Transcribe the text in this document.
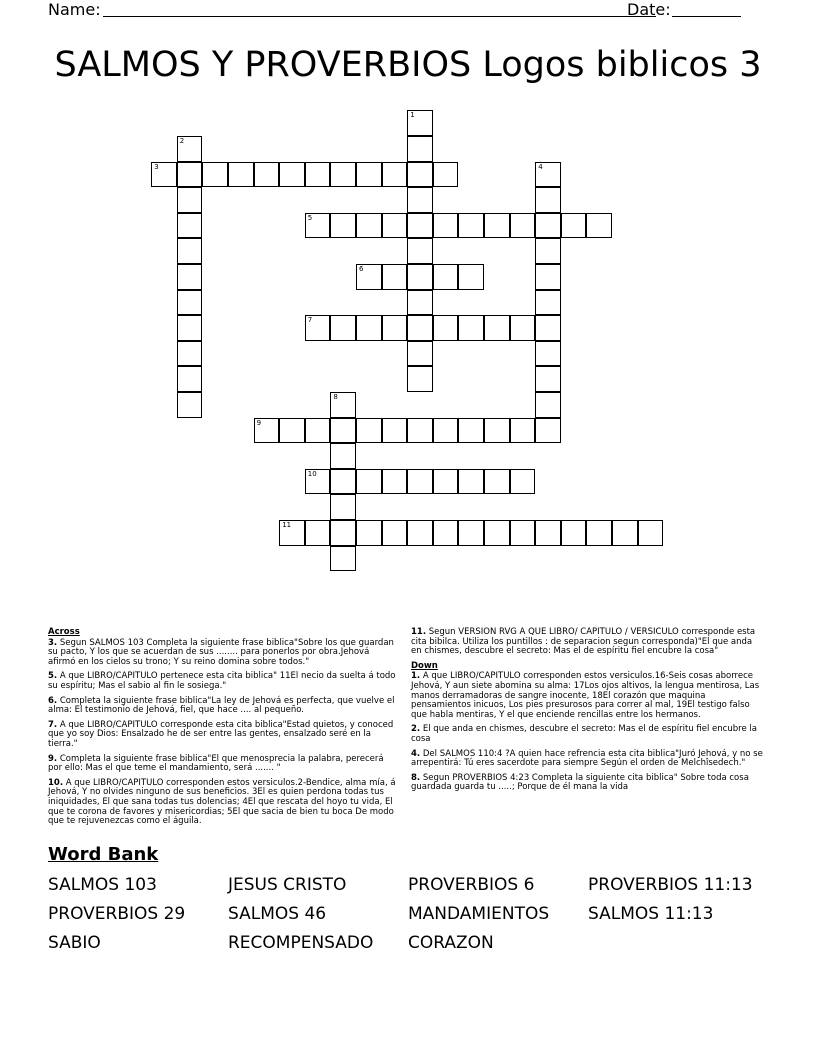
Name:	Date:
SALMOS Y PROVERBIOS Logos biblicos 3
1
2
3	4
5
6
7
8
9
10
11
Across
3. Segun SALMOS 103 Completa la siguiente frase biblica"Sobre los que guardan su pacto, Y los que se acuerdan de sus ........ para ponerlos por obra.Jehová afirmó en los cielos su trono; Y su reino domina sobre todos."
5. A que LIBRO/CAPITULO pertenece esta cita biblica" 11El necio da suelta á todo su espíritu; Mas el sabio al fin le sosiega."
6. Completa la siguiente frase biblica"La ley de Jehová es perfecta, que vuelve el alma: El testimonio de Jehová, fiel, que hace .... al pequeño.
7. A que LIBRO/CAPITULO corresponde esta cita biblica"Estad quietos, y conoced que yo soy Dios: Ensalzado he de ser entre las gentes, ensalzado seré en la tierra."
9. Completa la siguiente frase biblica"El que menosprecia la palabra, perecerá por ello: Mas el que teme el mandamiento, será ....... "
10. A que LIBRO/CAPITULO corresponden estos versiculos.2-Bendice, alma mía, á Jehová, Y no olvides ninguno de sus beneficios. 3El es quien perdona todas tus iniquidades, El que sana todas tus dolencias; 4El que rescata del hoyo tu vida, El que te corona de favores y misericordias; 5El que sacia de bien tu boca De modo que te rejuvenezcas como el águila.
11. Segun VERSION RVG A QUE LIBRO/ CAPITULO / VERSICULO corresponde esta cita bibilca. Utiliza los puntillos : de separacion segun corresponda)"El que anda en chismes, descubre el secreto: Mas el de espíritu fiel encubre la cosa"
Down
1. A que LIBRO/CAPITULO corresponden estos versiculos.16-Seis cosas aborrece Jehová, Y aun siete abomina su alma: 17Los ojos altivos, la lengua mentirosa, Las manos derramadoras de sangre inocente, 18El corazón que maquina pensamientos inicuos, Los pies presurosos para correr al mal, 19El testigo falso que habla mentiras, Y el que enciende rencillas entre los hermanos.
2. El que anda en chismes, descubre el secreto: Mas el de espíritu fiel encubre la cosa
4. Del SALMOS 110:4 ?A quien hace refrencia esta cita biblica"Juró Jehová, y no se arrepentirá: Tú eres sacerdote para siempre Según el orden de Melchîsedech."
8. Segun PROVERBIOS 4:23 Completa la siguiente cita biblica" Sobre toda cosa guardada guarda tu .....; Porque de él mana la vida
Word Bank
SALMOS 103	JESUS CRISTO	PROVERBIOS 6	PROVERBIOS 11:13
PROVERBIOS 29	SALMOS 46	MANDAMIENTOS	SALMOS 11:13
SABIO	RECOMPENSADO	CORAZON
